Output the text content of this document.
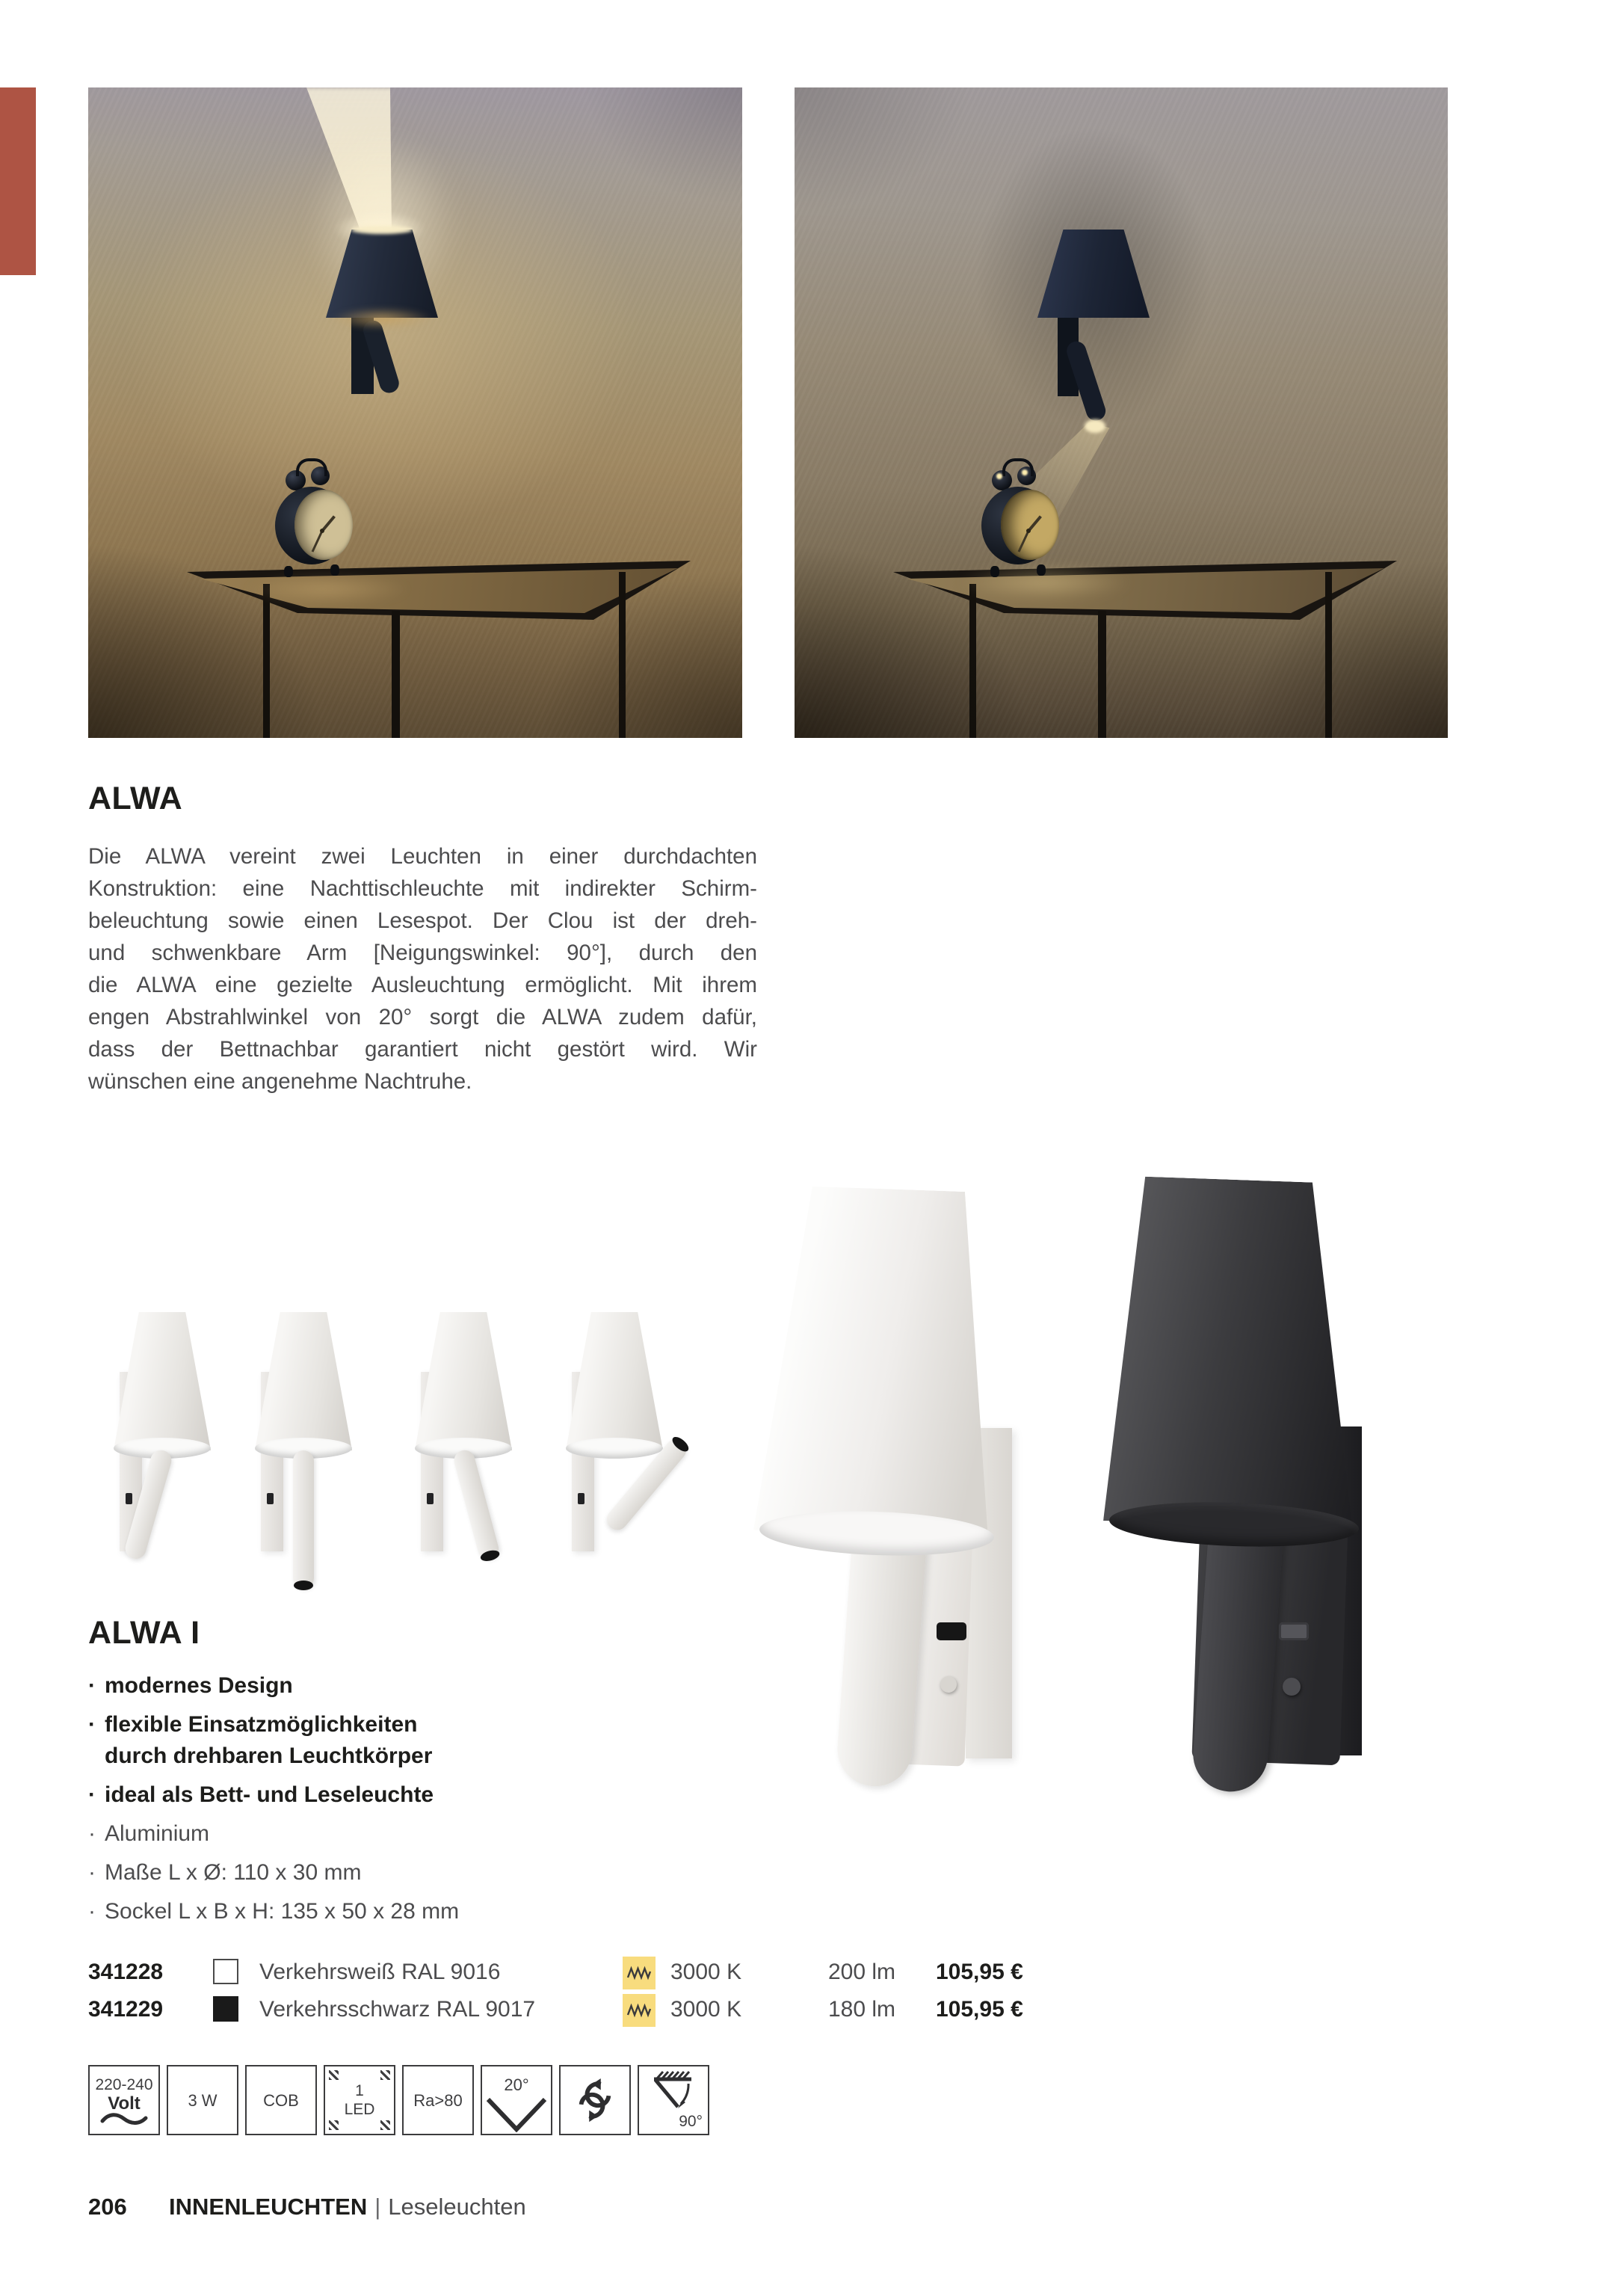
ALWA
Die ALWA vereint zwei Leuchten in einer durchdachten
Konstruktion: eine Nachttischleuchte mit indirekter Schirm-
beleuchtung sowie einen Lesespot. Der Clou ist der dreh-
und schwenkbare Arm [Neigungswinkel: 90°], durch den
die ALWA eine gezielte Ausleuchtung ermöglicht. Mit ihrem
engen Abstrahlwinkel von 20° sorgt die ALWA zudem dafür,
dass der Bettnachbar garantiert nicht gestört wird. Wir
wünschen eine angenehme Nachtruhe.
ALWA I
· modernes Design
· flexible Einsatzmöglichkeiten
durch drehbaren Leuchtkörper
· ideal als Bett- und Leseleuchte
· Aluminium
· Maße L x Ø: 110 x 30 mm
· Sockel L x B x H: 135 x 50 x 28 mm
341228	Verkehrsweiß RAL 9016	3000 K	200 lm 105,95 €
341229	Verkehrsschwarz RAL 9017	3000 K	180 lm 105,95 €
220-240
Volt	3 W	COB	1
LED Ra>80
20°
90°
206 INNENLEUCHTEN | Leseleuchten
